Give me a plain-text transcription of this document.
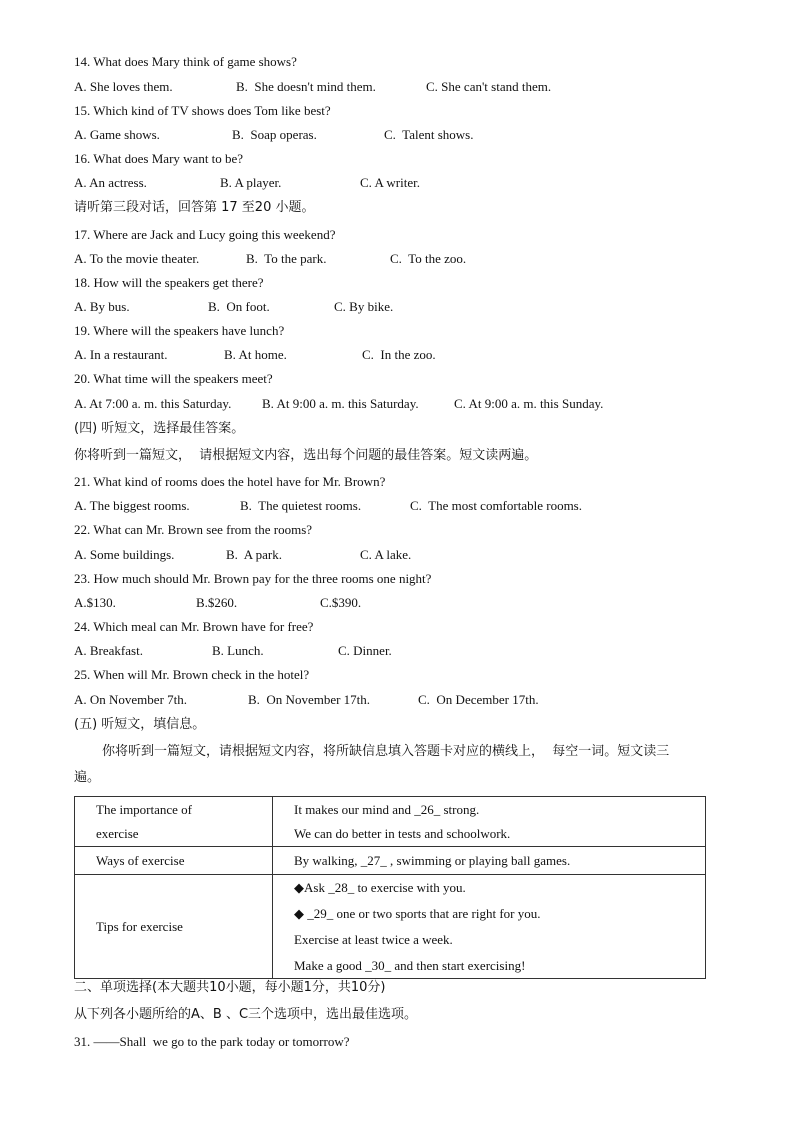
14. What does Mary think of game shows?
A. She loves them.	B.  She doesn't mind them.	C. She can't stand them.
15. Which kind of TV shows does Tom like best?
A. Game shows.	B.  Soap operas.	C.  Talent shows.
16. What does Mary want to be?
A. An actress.	B. A player.	C. A writer.
请听第三段对话，回答第 17 至20 小题。
17. Where are Jack and Lucy going this weekend?
A. To the movie theater.	B.  To the park.	C.  To the zoo.
18. How will the speakers get there?
A. By bus.	B.  On foot.	C. By bike.
19. Where will the speakers have lunch?
A. In a restaurant.	B. At home.	C.  In the zoo.
20. What time will the speakers meet?
A. At 7:00 a. m. this Saturday. B. At 9:00 a. m. this Saturday.	C. At 9:00 a. m. this Sunday.
(四) 听短文，选择最佳答案。
你将听到一篇短文，  请根据短文内容，选出每个问题的最佳答案。短文读两遍。
21. What kind of rooms does the hotel have for Mr. Brown?
A. The biggest rooms.	B.  The quietest rooms.	C.  The most comfortable rooms.
22. What can Mr. Brown see from the rooms?
A. Some buildings.	B.  A park.	C. A lake.
23. How much should Mr. Brown pay for the three rooms one night?
A.$130.	B.$260.	C.$390.
24. Which meal can Mr. Brown have for free?
A. Breakfast.	B. Lunch.	C. Dinner.
25. When will Mr. Brown check in the hotel?
A. On November 7th.	B.  On November 17th.	C.  On December 17th.
(五) 听短文，填信息。
你将听到一篇短文，请根据短文内容，将所缺信息填入答题卡对应的横线上，  每空一词。短文读三
遍。
The importance of
exercise	It makes our mind and _26_ strong.
We can do better in tests and schoolwork.

Ways of exercise	By walking, _27_ , swimming or playing ball games.
Tips for exercise	◆Ask _28_ to exercise with you.
◆ _29_ one or two sports that are right for you.
Exercise at least twice a week.
Make a good _30_ and then start exercising!
二、单项选择(本大题共10小题，每小题1分，共10分)
从下列各小题所给的A、B 、C三个选项中，选出最佳选项。
31. ——Shall  we go to the park today or tomorrow?
